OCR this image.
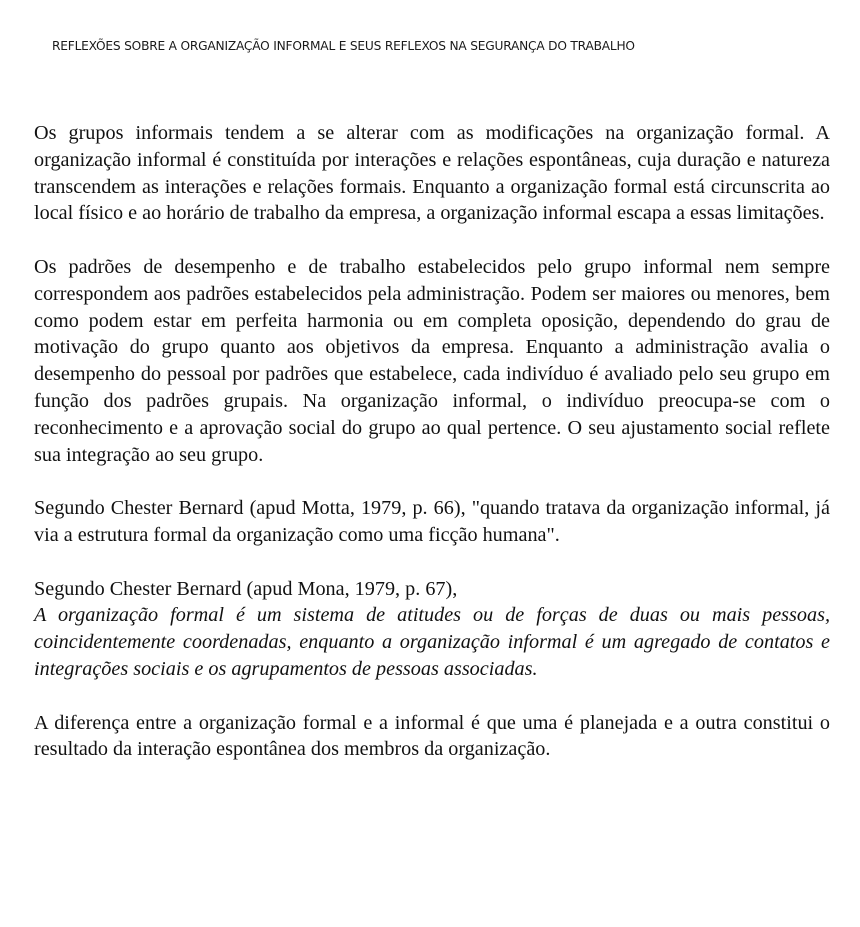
REFLEXÕES SOBRE A ORGANIZAÇÃO INFORMAL E SEUS REFLEXOS NA SEGURANÇA DO TRABALHO

Os grupos informais tendem a se alterar com as modificações na organização formal. A organização informal é constituída por interações e relações espontâneas, cuja duração e natureza transcendem as interações e relações formais. Enquanto a organização formal está circunscrita ao local físico e ao horário de trabalho da empresa, a organização informal escapa a essas limitações.

Os padrões de desempenho e de trabalho estabelecidos pelo grupo informal nem sempre correspondem aos padrões estabelecidos pela administração. Podem ser maiores ou menores, bem como podem estar em perfeita harmonia ou em completa oposição, dependendo do grau de motivação do grupo quanto aos objetivos da empresa. Enquanto a administração avalia o desempenho do pessoal por padrões que estabelece, cada indivíduo é avaliado pelo seu grupo em função dos padrões grupais. Na organização informal, o indivíduo preocupa-se com o reconhecimento e a aprovação social do grupo ao qual pertence. O seu ajustamento social reflete sua integração ao seu grupo.

Segundo Chester Bernard (apud Motta, 1979, p. 66), "quando tratava da organização informal, já via a estrutura formal da organização como uma ficção humana".

Segundo Chester Bernard (apud Mona, 1979, p. 67),

A organização formal é um sistema de atitudes ou de forças de duas ou mais pessoas, coincidentemente coordenadas, enquanto a organização informal é um agregado de contatos e integrações sociais e os agrupamentos de pessoas associadas.

A diferença entre a organização formal e a informal é que uma é planejada e a outra constitui o resultado da interação espontânea dos membros da organização.
